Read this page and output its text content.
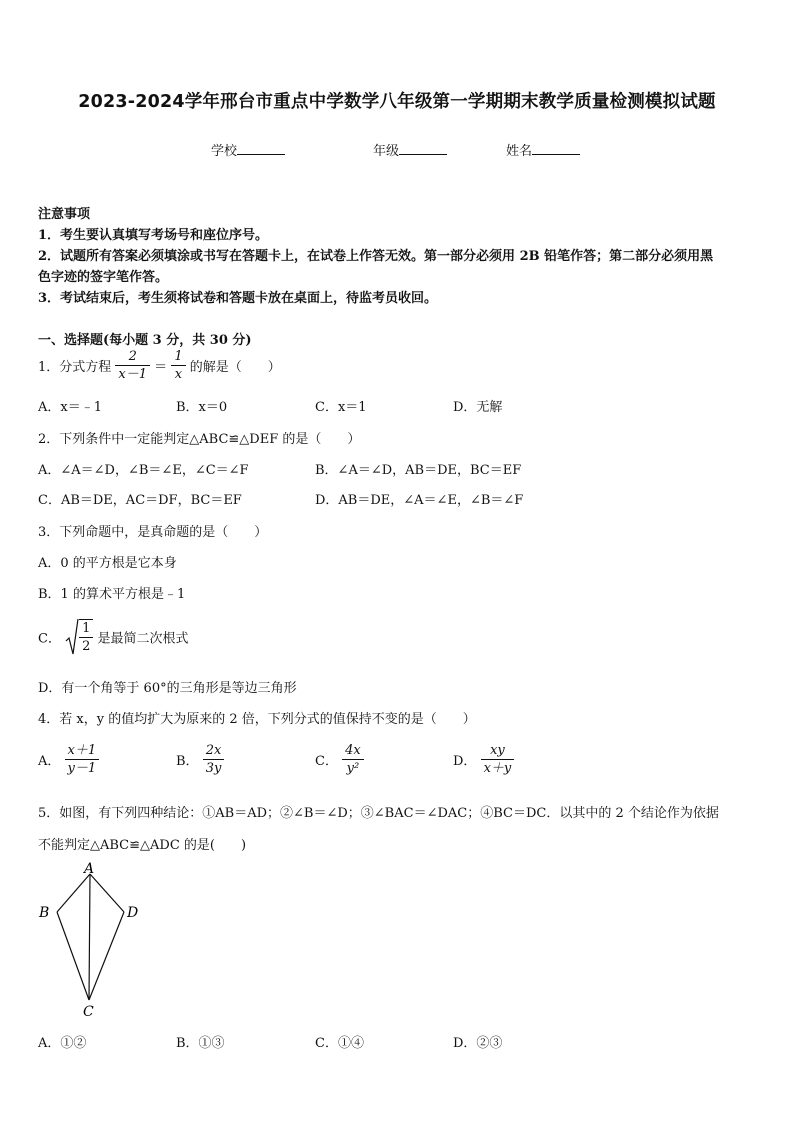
2023-2024学年邢台市重点中学数学八年级第一学期期末教学质量检测模拟试题
学校	年级	姓名
注意事项
1．考生要认真填写考场号和座位序号。
2．试题所有答案必须填涂或书写在答题卡上，在试卷上作答无效。第一部分必须用 2B 铅笔作答；第二部分必须用黑
色字迹的签字笔作答。
3．考试结束后，考生须将试卷和答题卡放在桌面上，待监考员收回。
一、选择题(每小题 3 分，共 30 分)
1．分式方程 $\frac{2}{x-1} = \frac{1}{x}$ 的解是（　　）
A．x＝﹣1	B．x＝0	C．x＝1	D．无解
2．下列条件中一定能判定△ABC≌△DEF 的是（　　）
A．∠A＝∠D，∠B＝∠E，∠C＝∠F	B．∠A＝∠D，AB＝DE，BC＝EF
C．AB＝DE，AC＝DF，BC＝EF	D．AB＝DE，∠A＝∠E，∠B＝∠F
3．下列命题中，是真命题的是（　　）
A．0 的平方根是它本身
B．1 的算术平方根是﹣1
C． $\frac{1}{2}$ 是最简二次根式
D．有一个角等于 60°的三角形是等边三角形
4．若 x，y 的值均扩大为原来的 2 倍，下列分式的值保持不变的是（　　）
A． $\frac{x+1}{y-1}$	B． $\frac{2x}{3y}$	C． $\frac{4x}{\text{y²}}$	D． $\frac{xy}{x+y}$
5．如图，有下列四种结论：①AB＝AD；②∠B＝∠D；③∠BAC＝∠DAC；④BC＝DC．以其中的 2 个结论作为依据
不能判定△ABC≌△ADC 的是(　　)
A
B	D
C
A．①②	B．①③	C．①④	D．②③
